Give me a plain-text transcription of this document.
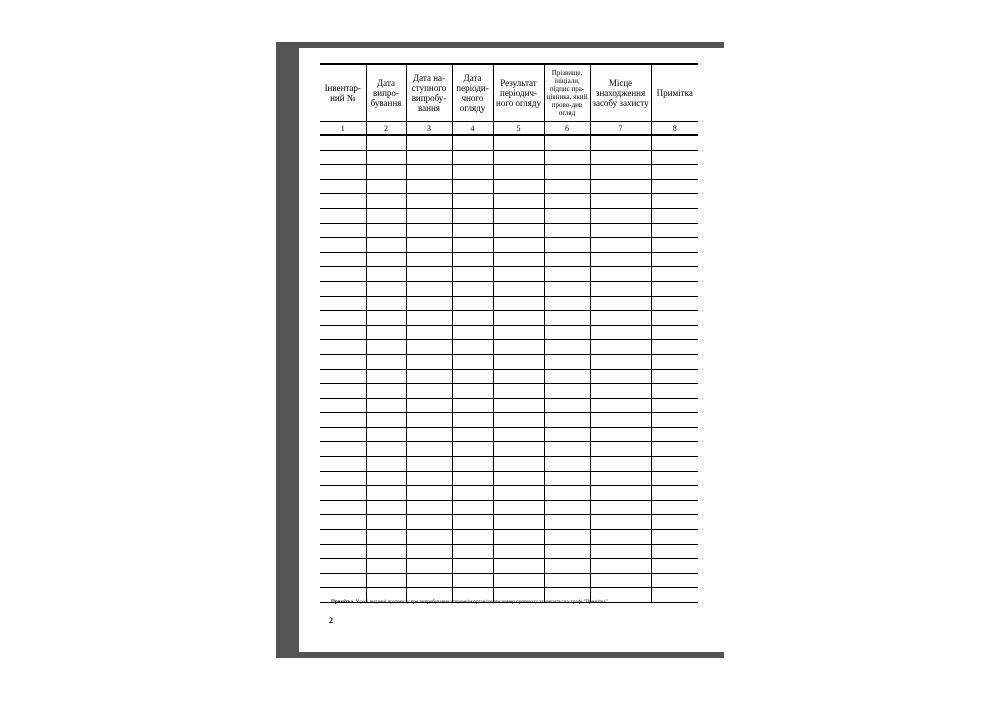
Інвентар-ний №	Дата випро-бування	Дата на-ступного випробу-вання	Дата періоди-чного огляду	Результат періодич-ного огляду	Прізвище, ініціали, підпис пра-цівника, який прово-див огляд	Місце знаходження засобу захисту	Примітка
1	2	3	4	5	6	7	8

Примітка. У разі виданні протоколу про випробування стороннім організаціям номер протоколу зазначається у графі "Примітка".
2
